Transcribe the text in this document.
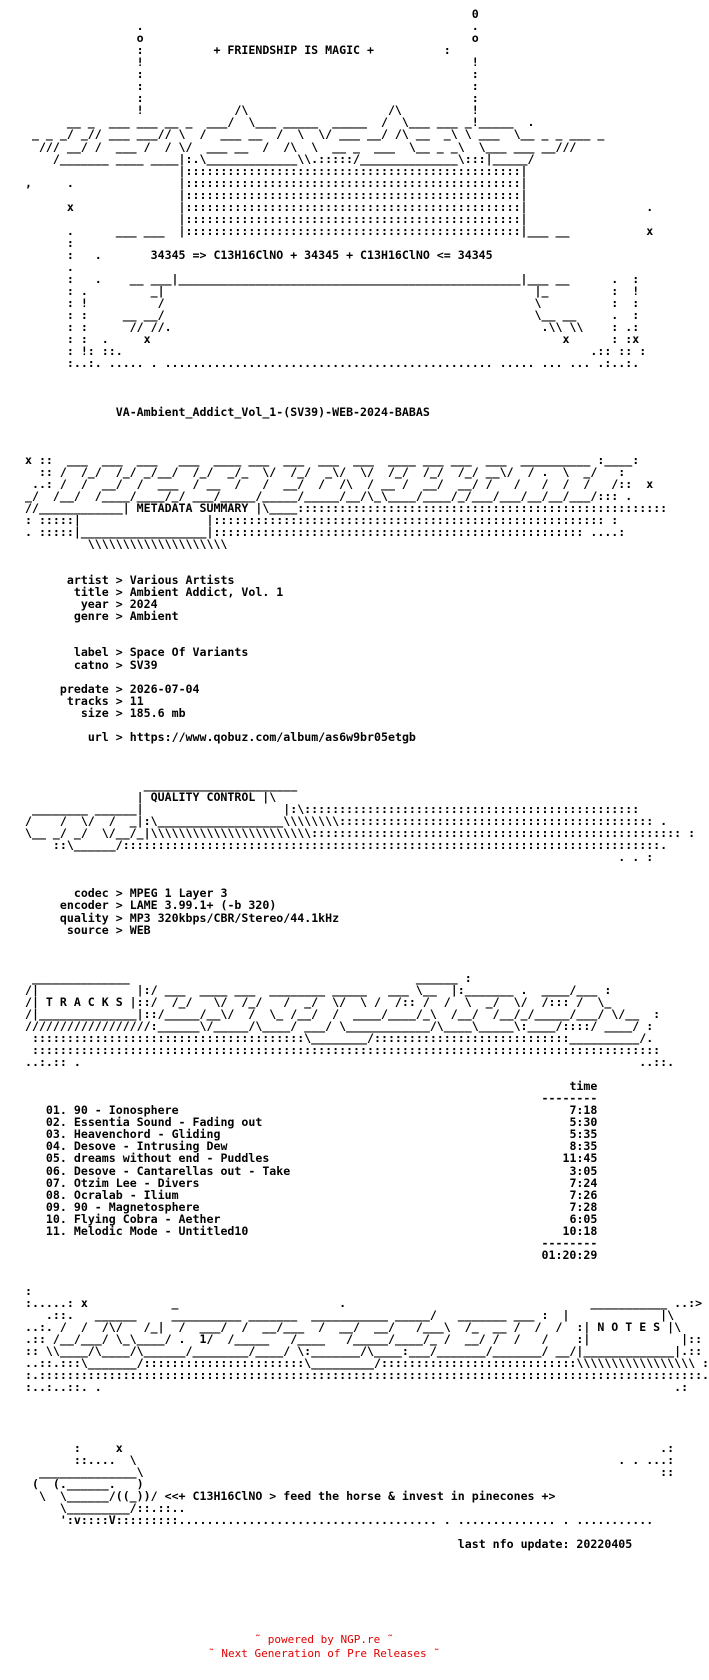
0
.                                               .
o                                               o
:	+ FRIENDSHIP IS MAGIC +	:
!                                               !
:                                               :
:                                               :
:                                               :
!             /\                    /\          !
__ _  ___ ___ __ _  ___/  \___ _____  _____  /  \___ ___ _!_____  .
_ _ _/ _// ___ ___// \  /  ___ __  /  \  \/ ___ __/ /\ __  _\ \ ___  \__ _ _ ___ _
/// __/ /  ___ /  / \/  ___ __  /  /\  \  __ _  ___  \__ _ _\  \___ ___ __///
/_______ ____ ____|:.\_____________\\.:::::/______________\:::|_____/
|::::::::::::::::::::::::::::::::::::::::::::::::|
,     .               |::::::::::::::::::::::::::::::::::::::::::::::::|
|::::::::::::::::::::::::::::::::::::::::::::::::|
x               |::::::::::::::::::::::::::::::::::::::::::::::::|                 .
|::::::::::::::::::::::::::::::::::::::::::::::::|
.      ___ ___  |::::::::::::::::::::::::::::::::::::::::::::::::|___ __           x
:
:   .	34345 => C13H16ClNO + 34345 + C13H16ClNO <= 34345
.
:   .    __ ___|_________________________________________________|___ __      .  :
: .         _|                                                     |_         :  !
: !          /                                                     \          :  :
: :     __ __/                                                     \__ __     .  :
: :      // //.                                                     .\\ \\    : .:
: :  .     x                                                           x      : :x
: !: ::.                                                                   .:: :: :
:..:. ..... . ............................................... ..... ... ... .:..:.

VA-Ambient_Addict_Vol_1-(SV39)-WEB-2024-BABAS

x ::  ___  ___  ___   ___  ____ ___  ___  ___  ___  ____ ___ ___  ___  __________ :____:
:: /  /_/  /_/ _/__/  /_/  _/_  \/  /_/  _\/  \/  /_/  /_/  /_/ __\/  / .  \  _/   :
..: /  /  __/  /  ___  / __  /   /  __/  /  /\  / __ /  __/  __/ /   /   /  /  /   /::  x
_/  /__/  /____/____/_/ ___/_____/_____/_____/__/\_\____/____/_/___/___/__/__/___/::: .
//____________| METADATA SUMMARY |\____:::::::::::::::::::::::::::::::::::::::::::::::::::::
: :::::|                  |:::::::::::::::::::::::::::::::::::::::::::::::::::::::: :
. :::::|__________________|::::::::::::::::::::::::::::::::::::::::::::::::::::: ....:
\\\\\\\\\\\\\\\\\\\\

artist > Various Artists
title > Ambient Addict, Vol. 1
year > 2024
genre > Ambient

label > Space Of Variants
catno > SV39

predate > 2026-07-04
tracks > 11
size > 185.6 mb

url > https://www.qobuz.com/album/as6w9br05etgb

______________________
| QUALITY CONTROL |\
________ ______|                    |:\::::::::::::::::::::::::::::::::::::::::::::::::
/    /  \/  /  _|:\__________________\\\\\\\\::::::::::::::::::::::::::::::::::::::::::::: .
\__ _/ _/  \/__/_|\\\\\\\\\\\\\\\\\\\\\\\::::::::::::::::::::::::::::::::::::::::::::::::::::: :
::\______/:::::::::::::::::::::::::::::::::::::::::::::::::::::::::::::::::::::::::::::.
. . :

codec > MPEG 1 Layer 3
encoder > LAME 3.99.1+ (-b 320)
quality > MP3 320kbps/CBR/Stereo/44.1kHz
source > WEB

______________                                         ______ :
/|              |:/ ___  ____ ___  ________ _____   ___ \__  |:_______ .  ____/___ :
/| T R A C K S |::/  /_/   \/  /_/   /  _/  \/  \ /  /:: /  /  \  _/  \/  /::: /  \_
/|______________|::/_____/__\/  /  \_ /__/  /  ____/____/_\  /__/  /__/_/_____/___/ \/__  :
//////////////////:______\/_____/\____/ ___/ \____________/\____\_____\:____/::::/ ____/ :
:::::::::::::::::::::::::::::::::::::::\________/::::::::::::::::::::::::::::__________/.
::::::::::::::::::::::::::::::::::::::::::::::::::::::::::::::::::::::::::::::::::::::::::
..:.:: .                                                                                ..::.

time
--------
01. 90 - Ionosphere	7:18
02. Essentia Sound - Fading out	5:30
03. Heavenchord - Gliding	5:35
04. Desove - Intrusing Dew	8:35
05. dreams without end - Puddles	11:45
06. Desove - Cantarellas out - Take	3:05
07. Otzim Lee - Divers	7:24
08. Ocralab - Ilium	7:26
09. 90 - Magnetosphere	7:28
10. Flying Cobra - Aether	6:05
11. Melodic Mode - Untitled10	10:18
--------
01:20:29

:
:.....: x            _                       .                                   ___________ ..:>
.::.   ______     __________ _______  ___________ _____/   _______ ___ :  |             |\
..:. /  /  /\/   /_|  /  ___/  /  __/___  /  __/  __/   /___\  /_  __ /  /  /  :| N O T E S |\
.:: /__/___/ \_\____/ .  1/  /_____   /____   /_____/____/_ /  __/ /  /   /    :|             |::
:: \\____/\____/\______/________/____/ \:_______/\____:___/_______/_______/ __/|_____________|.::
..::.:::\_______/:::::::::::::::::::::::\_________/::::::::::::::::::::::::::::\\\\\\\\\\\\\\\\\ :
:.:::::::::::::::::::::::::::::::::::::::::::::::::::::::::::::::::::::::::::::::::::::::::::::::.
:..:..::. .                                                                                  .:

:     x                                                                             .:
::....  \                                                                     . . ...:
______________\                                                                          ::
(  (.______.   )
\  \______/((_))/ <<+ C13H16ClNO > feed the horse & invest in pinecones +>
\_________/::.::..
':v::::V:::::::::..................................... . .............. . ...........

last nfo update: 20220405

˜ powered by NGP.re ˜
˜ Next Generation of Pre Releases ˜
